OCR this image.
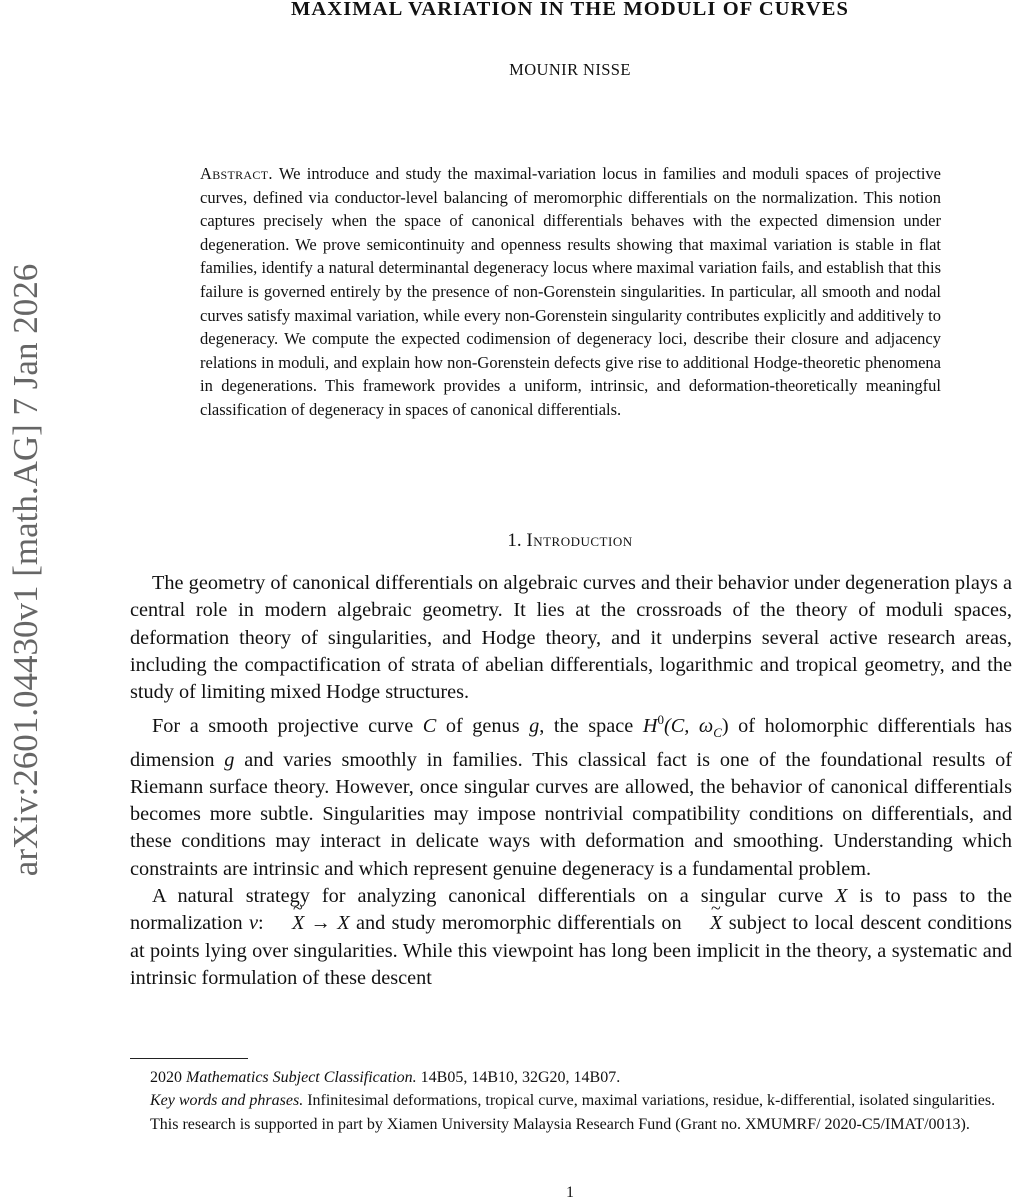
arXiv:2601.04430v1 [math.AG] 7 Jan 2026
MAXIMAL VARIATION IN THE MODULI OF CURVES
MOUNIR NISSE
Abstract. We introduce and study the maximal-variation locus in families and moduli spaces of projective curves, defined via conductor-level balancing of meromorphic differentials on the normalization. This notion captures precisely when the space of canonical differentials behaves with the expected dimension under degeneration. We prove semicontinuity and openness results showing that maximal variation is stable in flat families, identify a natural determinantal degeneracy locus where maximal variation fails, and establish that this failure is governed entirely by the presence of non-Gorenstein singularities. In particular, all smooth and nodal curves satisfy maximal variation, while every non-Gorenstein singularity contributes explicitly and additively to degeneracy. We compute the expected codimension of degeneracy loci, describe their closure and adjacency relations in moduli, and explain how non-Gorenstein defects give rise to additional Hodge-theoretic phenomena in degenerations. This framework provides a uniform, intrinsic, and deformation-theoretically meaningful classification of degeneracy in spaces of canonical differentials.
1. Introduction

The geometry of canonical differentials on algebraic curves and their behavior under degeneration plays a central role in modern algebraic geometry. It lies at the crossroads of the theory of moduli spaces, deformation theory of singularities, and Hodge theory, and it underpins several active research areas, including the compactification of strata of abelian differentials, logarithmic and tropical geometry, and the study of limiting mixed Hodge structures.

For a smooth projective curve C of genus g, the space $H^0(C$, $\omega_C$) of holomorphic differentials has dimension g and varies smoothly in families. This classical fact is one of the foundational results of Riemann surface theory. However, once singular curves are allowed, the behavior of canonical differentials becomes more subtle. Singularities may impose nontrivial compatibility conditions on differentials, and these conditions may interact in delicate ways with deformation and smoothing. Understanding which constraints are intrinsic and which represent genuine degeneracy is a fundamental problem.

A natural strategy for analyzing canonical differentials on a singular curve X is to pass to the normalization ν: ~ X → X and study meromorphic differentials on ~ X subject to local descent conditions at points lying over singularities. While this viewpoint has long been implicit in the theory, a systematic and intrinsic formulation of these descent

2020 Mathematics Subject Classification. 14B05, 14B10, 32G20, 14B07.

Key words and phrases. Infinitesimal deformations, tropical curve, maximal variations, residue, k-differential, isolated singularities.

This research is supported in part by Xiamen University Malaysia Research Fund (Grant no. XMUMRF/ 2020-C5/IMAT/0013).

1
